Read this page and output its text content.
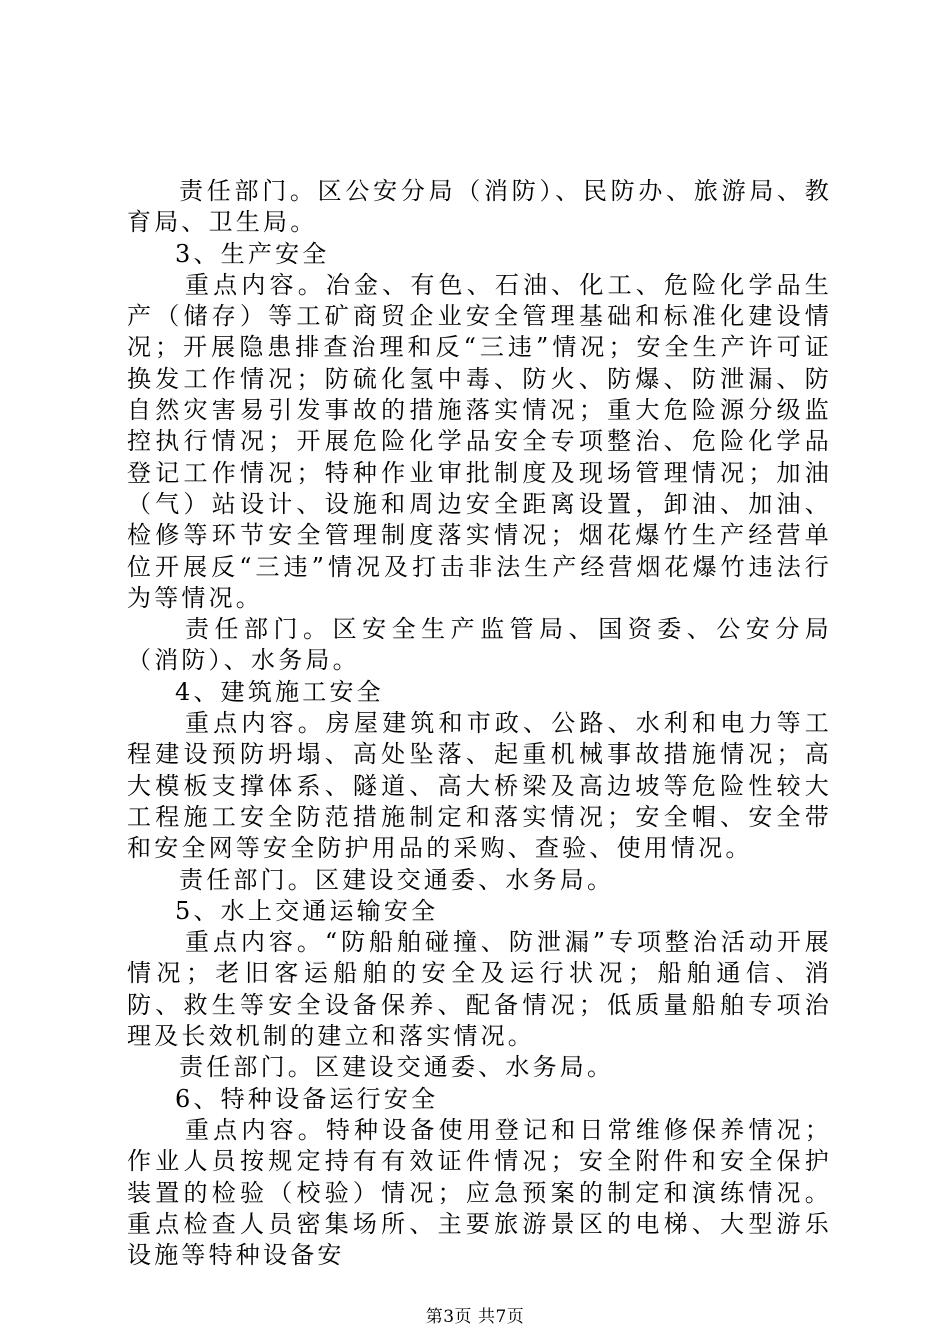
责任部门。区公安分局（消防）、民防办、旅游局、教育局、卫生局。

3、生产安全

重点内容。冶金、有色、石油、化工、危险化学品生产（储存）等工矿商贸企业安全管理基础和标准化建设情况；开展隐患排查治理和反“三违”情况；安全生产许可证换发工作情况；防硫化氢中毒、防火、防爆、防泄漏、防自然灾害易引发事故的措施落实情况；重大危险源分级监控执行情况；开展危险化学品安全专项整治、危险化学品登记工作情况；特种作业审批制度及现场管理情况；加油（气）站设计、设施和周边安全距离设置，卸油、加油、检修等环节安全管理制度落实情况；烟花爆竹生产经营单位开展反“三违”情况及打击非法生产经营烟花爆竹违法行为等情况。

责任部门。区安全生产监管局、国资委、公安分局（消防）、水务局。

4、建筑施工安全

重点内容。房屋建筑和市政、公路、水利和电力等工程建设预防坍塌、高处坠落、起重机械事故措施情况；高大模板支撑体系、隧道、高大桥梁及高边坡等危险性较大工程施工安全防范措施制定和落实情况；安全帽、安全带和安全网等安全防护用品的采购、查验、使用情况。

责任部门。区建设交通委、水务局。

5、水上交通运输安全

重点内容。“防船舶碰撞、防泄漏”专项整治活动开展情况；老旧客运船舶的安全及运行状况；船舶通信、消防、救生等安全设备保养、配备情况；低质量船舶专项治理及长效机制的建立和落实情况。

责任部门。区建设交通委、水务局。

6、特种设备运行安全

重点内容。特种设备使用登记和日常维修保养情况；作业人员按规定持有有效证件情况；安全附件和安全保护装置的检验（校验）情况；应急预案的制定和演练情况。重点检查人员密集场所、主要旅游景区的电梯、大型游乐设施等特种设备安

第3页 共7页
